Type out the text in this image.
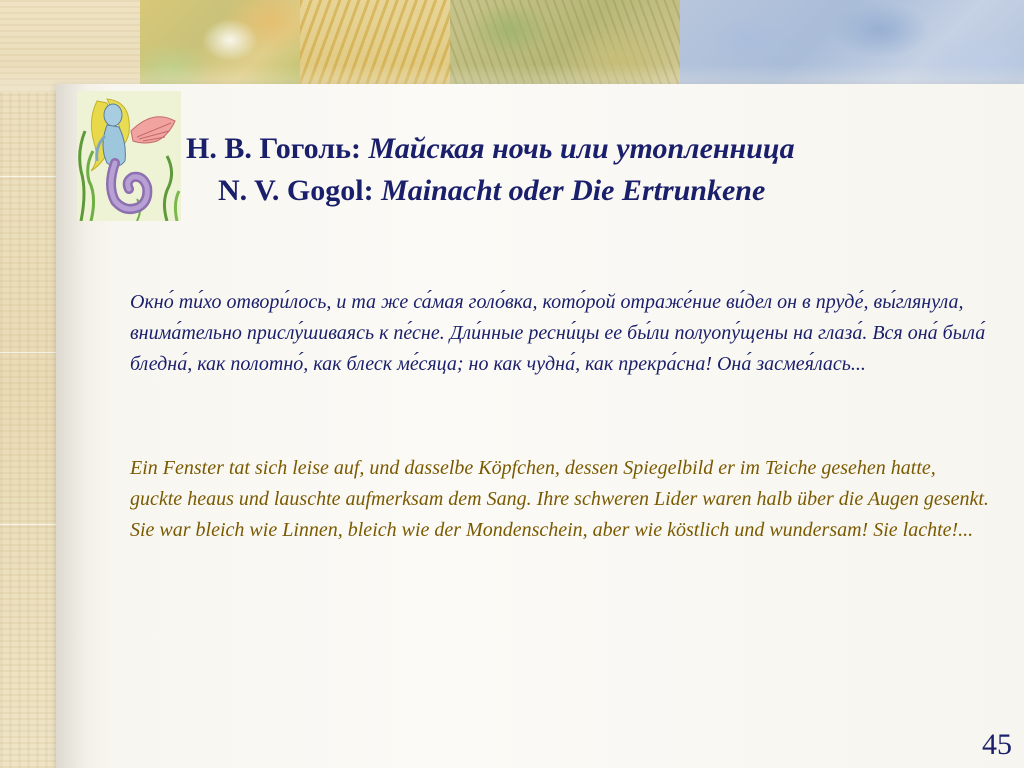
Н. В. Гоголь: Майская ночь или утопленница
N. V. Gogol: Mainacht oder Die Ertrunkene
Окно́ ти́хо отвори́лось, и та же са́мая голо́вка, кото́рой отраже́ние ви́дел он в пруде́, вы́глянула, внима́тельно прислу́шиваясь к пе́сне. Дли́нные ресни́цы ее бы́ли полуопу́щены на глаза́. Вся она́ была́ бледна́, как полотно́, как блеск ме́сяца; но как чудна́, как прекра́сна! Она́ засмея́лась...
Ein Fenster tat sich leise auf, und dasselbe Köpfchen, dessen Spiegelbild er im Teiche gesehen hatte, guckte heaus und lauschte aufmerksam dem Sang. Ihre schweren Lider waren halb über die Augen gesenkt. Sie war bleich wie Linnen, bleich wie der Mondenschein, aber wie köstlich und wundersam! Sie lachte!...
45
